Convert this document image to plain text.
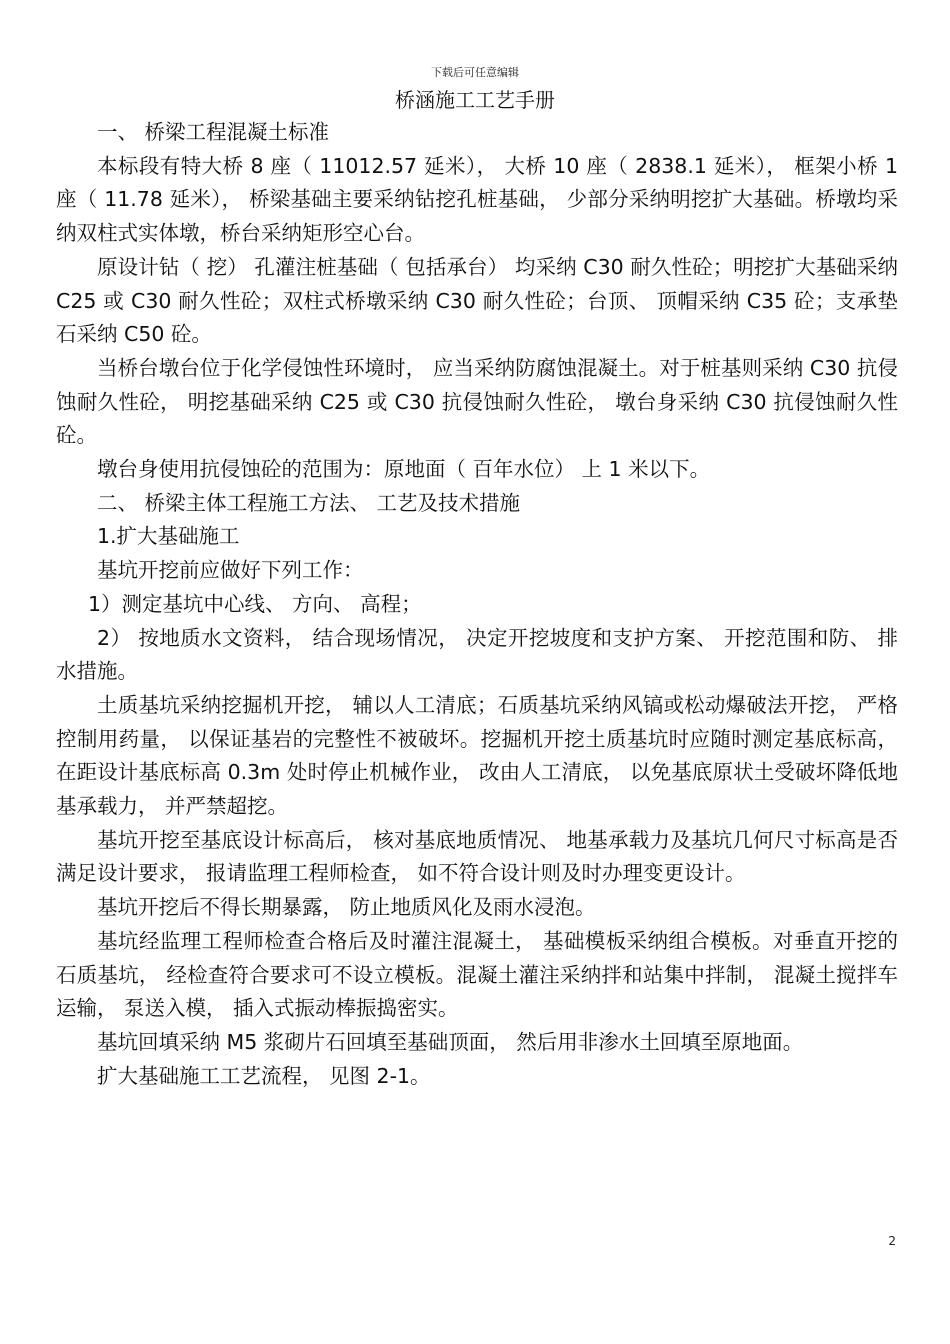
下载后可任意编辑
桥涵施工工艺手册

一、 桥梁工程混凝土标准

本标段有特大桥 8 座（ 11012.57 延米）， 大桥 10 座（ 2838.1 延米）， 框架小桥 1 座（ 11.78 延米）， 桥梁基础主要采纳钻挖孔桩基础， 少部分采纳明挖扩大基础。桥墩均采纳双柱式实体墩，桥台采纳矩形空心台。

原设计钻（ 挖） 孔灌注桩基础（ 包括承台） 均采纳 C30 耐久性砼；明挖扩大基础采纳 C25 或 C30 耐久性砼；双柱式桥墩采纳 C30 耐久性砼；台顶、 顶帽采纳 C35 砼；支承垫石采纳 C50 砼。

当桥台墩台位于化学侵蚀性环境时， 应当采纳防腐蚀混凝土。对于桩基则采纳 C30 抗侵蚀耐久性砼， 明挖基础采纳 C25 或 C30 抗侵蚀耐久性砼， 墩台身采纳 C30 抗侵蚀耐久性砼。

墩台身使用抗侵蚀砼的范围为：原地面（ 百年水位） 上 1 米以下。

二、 桥梁主体工程施工方法、 工艺及技术措施

1.扩大基础施工

基坑开挖前应做好下列工作：

1）测定基坑中心线、 方向、 高程；

2） 按地质水文资料， 结合现场情况， 决定开挖坡度和支护方案、 开挖范围和防、 排水措施。

土质基坑采纳挖掘机开挖， 辅以人工清底；石质基坑采纳风镐或松动爆破法开挖， 严格控制用药量， 以保证基岩的完整性不被破坏。挖掘机开挖土质基坑时应随时测定基底标高， 在距设计基底标高 0.3m 处时停止机械作业， 改由人工清底， 以免基底原状土受破坏降低地基承载力， 并严禁超挖。

基坑开挖至基底设计标高后， 核对基底地质情况、 地基承载力及基坑几何尺寸标高是否满足设计要求， 报请监理工程师检查， 如不符合设计则及时办理变更设计。

基坑开挖后不得长期暴露， 防止地质风化及雨水浸泡。

基坑经监理工程师检查合格后及时灌注混凝土， 基础模板采纳组合模板。对垂直开挖的石质基坑， 经检查符合要求可不设立模板。混凝土灌注采纳拌和站集中拌制， 混凝土搅拌车运输， 泵送入模， 插入式振动棒振捣密实。

基坑回填采纳 M5 浆砌片石回填至基础顶面， 然后用非渗水土回填至原地面。

扩大基础施工工艺流程， 见图 2-1。

2
